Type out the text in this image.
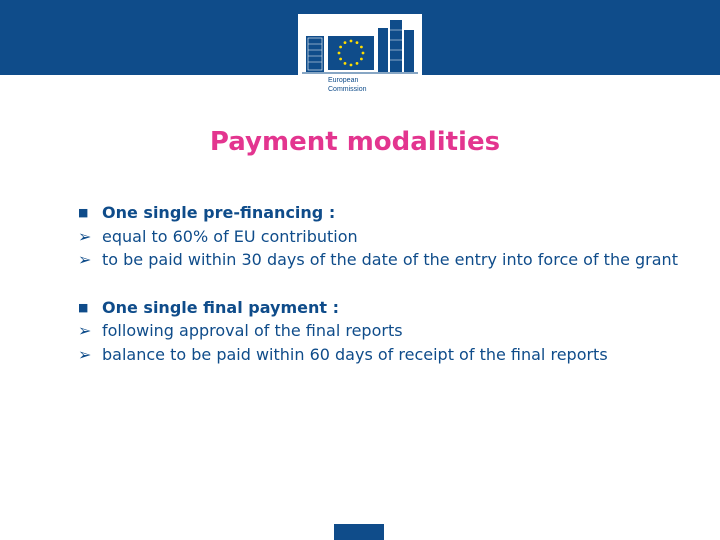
European
Commission
Payment modalities
■ One single pre-financing :
➢ equal to 60% of EU contribution
➢ to be paid within 30 days of the date of the entry into force of the grant
■ One single final payment :
➢ following approval of the final reports
➢ balance to be paid within 60 days of receipt of the final reports
